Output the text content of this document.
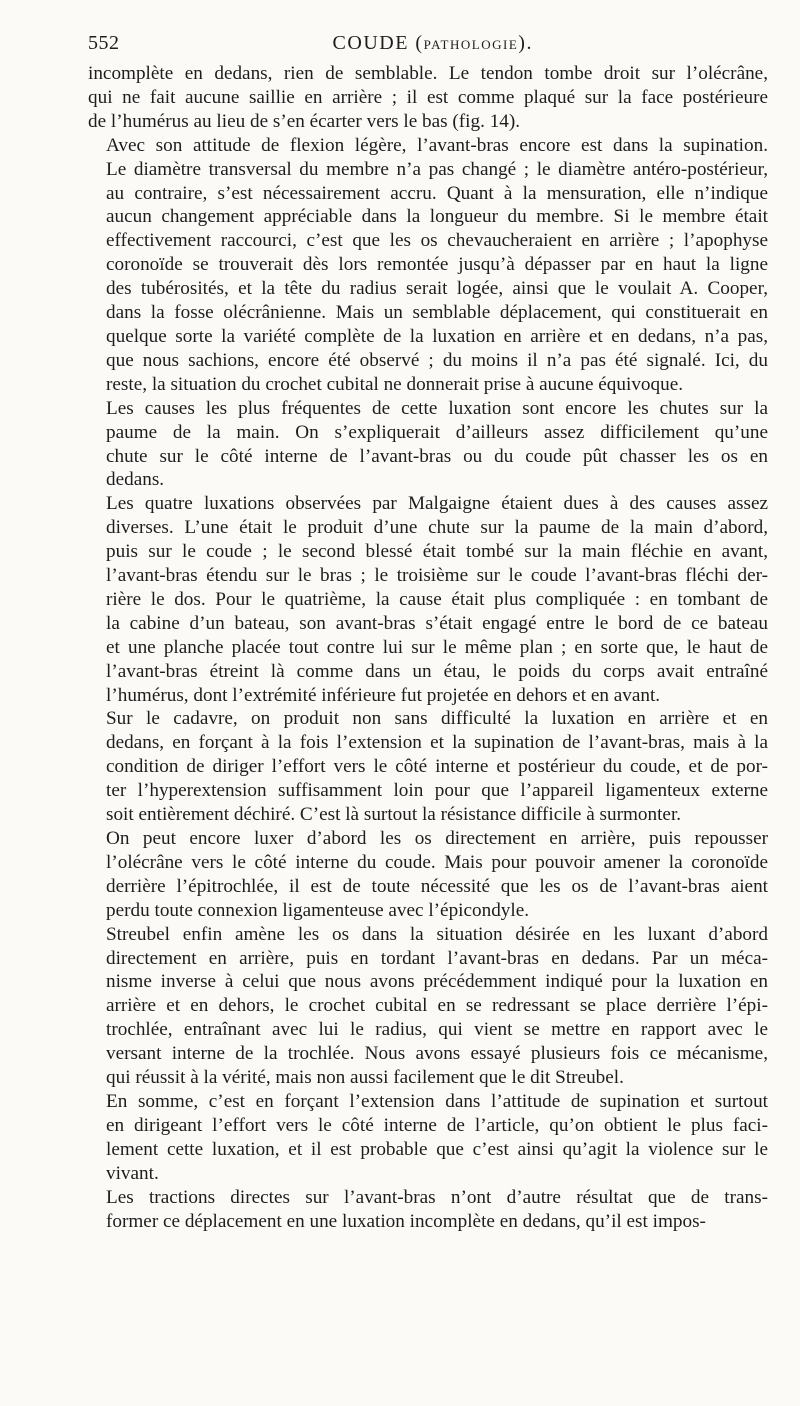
552	COUDE (PATHOLOGIE).

incomplète en dedans, rien de semblable. Le tendon tombe droit sur l’olécrâne,
qui ne fait aucune saillie en arrière ; il est comme plaqué sur la face postérieure
de l’humérus au lieu de s’en écarter vers le bas (fig. 14).

Avec son attitude de flexion légère, l’avant-bras encore est dans la supination.
Le diamètre transversal du membre n’a pas changé ; le diamètre antéro-postérieur,
au contraire, s’est nécessairement accru. Quant à la mensuration, elle n’indique
aucun changement appréciable dans la longueur du membre. Si le membre était
effectivement raccourci, c’est que les os chevaucheraient en arrière ; l’apophyse
coronoïde se trouverait dès lors remontée jusqu’à dépasser par en haut la ligne
des tubérosités, et la tête du radius serait logée, ainsi que le voulait A. Cooper,
dans la fosse olécrânienne. Mais un semblable déplacement, qui constituerait en
quelque sorte la variété complète de la luxation en arrière et en dedans, n’a pas,
que nous sachions, encore été observé ; du moins il n’a pas été signalé. Ici, du
reste, la situation du crochet cubital ne donnerait prise à aucune équivoque.

Les causes les plus fréquentes de cette luxation sont encore les chutes sur la
paume de la main. On s’expliquerait d’ailleurs assez difficilement qu’une
chute sur le côté interne de l’avant-bras ou du coude pût chasser les os en
dedans.

Les quatre luxations observées par Malgaigne étaient dues à des causes assez
diverses. L’une était le produit d’une chute sur la paume de la main d’abord,
puis sur le coude ; le second blessé était tombé sur la main fléchie en avant,
l’avant-bras étendu sur le bras ; le troisième sur le coude l’avant-bras fléchi der-
rière le dos. Pour le quatrième, la cause était plus compliquée : en tombant de
la cabine d’un bateau, son avant-bras s’était engagé entre le bord de ce bateau
et une planche placée tout contre lui sur le même plan ; en sorte que, le haut de
l’avant-bras étreint là comme dans un étau, le poids du corps avait entraîné
l’humérus, dont l’extrémité inférieure fut projetée en dehors et en avant.

Sur le cadavre, on produit non sans difficulté la luxation en arrière et en
dedans, en forçant à la fois l’extension et la supination de l’avant-bras, mais à la
condition de diriger l’effort vers le côté interne et postérieur du coude, et de por-
ter l’hyperextension suffisamment loin pour que l’appareil ligamenteux externe
soit entièrement déchiré. C’est là surtout la résistance difficile à surmonter.

On peut encore luxer d’abord les os directement en arrière, puis repousser
l’olécrâne vers le côté interne du coude. Mais pour pouvoir amener la coronoïde
derrière l’épitrochlée, il est de toute nécessité que les os de l’avant-bras aient
perdu toute connexion ligamenteuse avec l’épicondyle.

Streubel enfin amène les os dans la situation désirée en les luxant d’abord
directement en arrière, puis en tordant l’avant-bras en dedans. Par un méca-
nisme inverse à celui que nous avons précédemment indiqué pour la luxation en
arrière et en dehors, le crochet cubital en se redressant se place derrière l’épi-
trochlée, entraînant avec lui le radius, qui vient se mettre en rapport avec le
versant interne de la trochlée. Nous avons essayé plusieurs fois ce mécanisme,
qui réussit à la vérité, mais non aussi facilement que le dit Streubel.

En somme, c’est en forçant l’extension dans l’attitude de supination et surtout
en dirigeant l’effort vers le côté interne de l’article, qu’on obtient le plus faci-
lement cette luxation, et il est probable que c’est ainsi qu’agit la violence sur le
vivant.

Les tractions directes sur l’avant-bras n’ont d’autre résultat que de trans-
former ce déplacement en une luxation incomplète en dedans, qu’il est impos-
